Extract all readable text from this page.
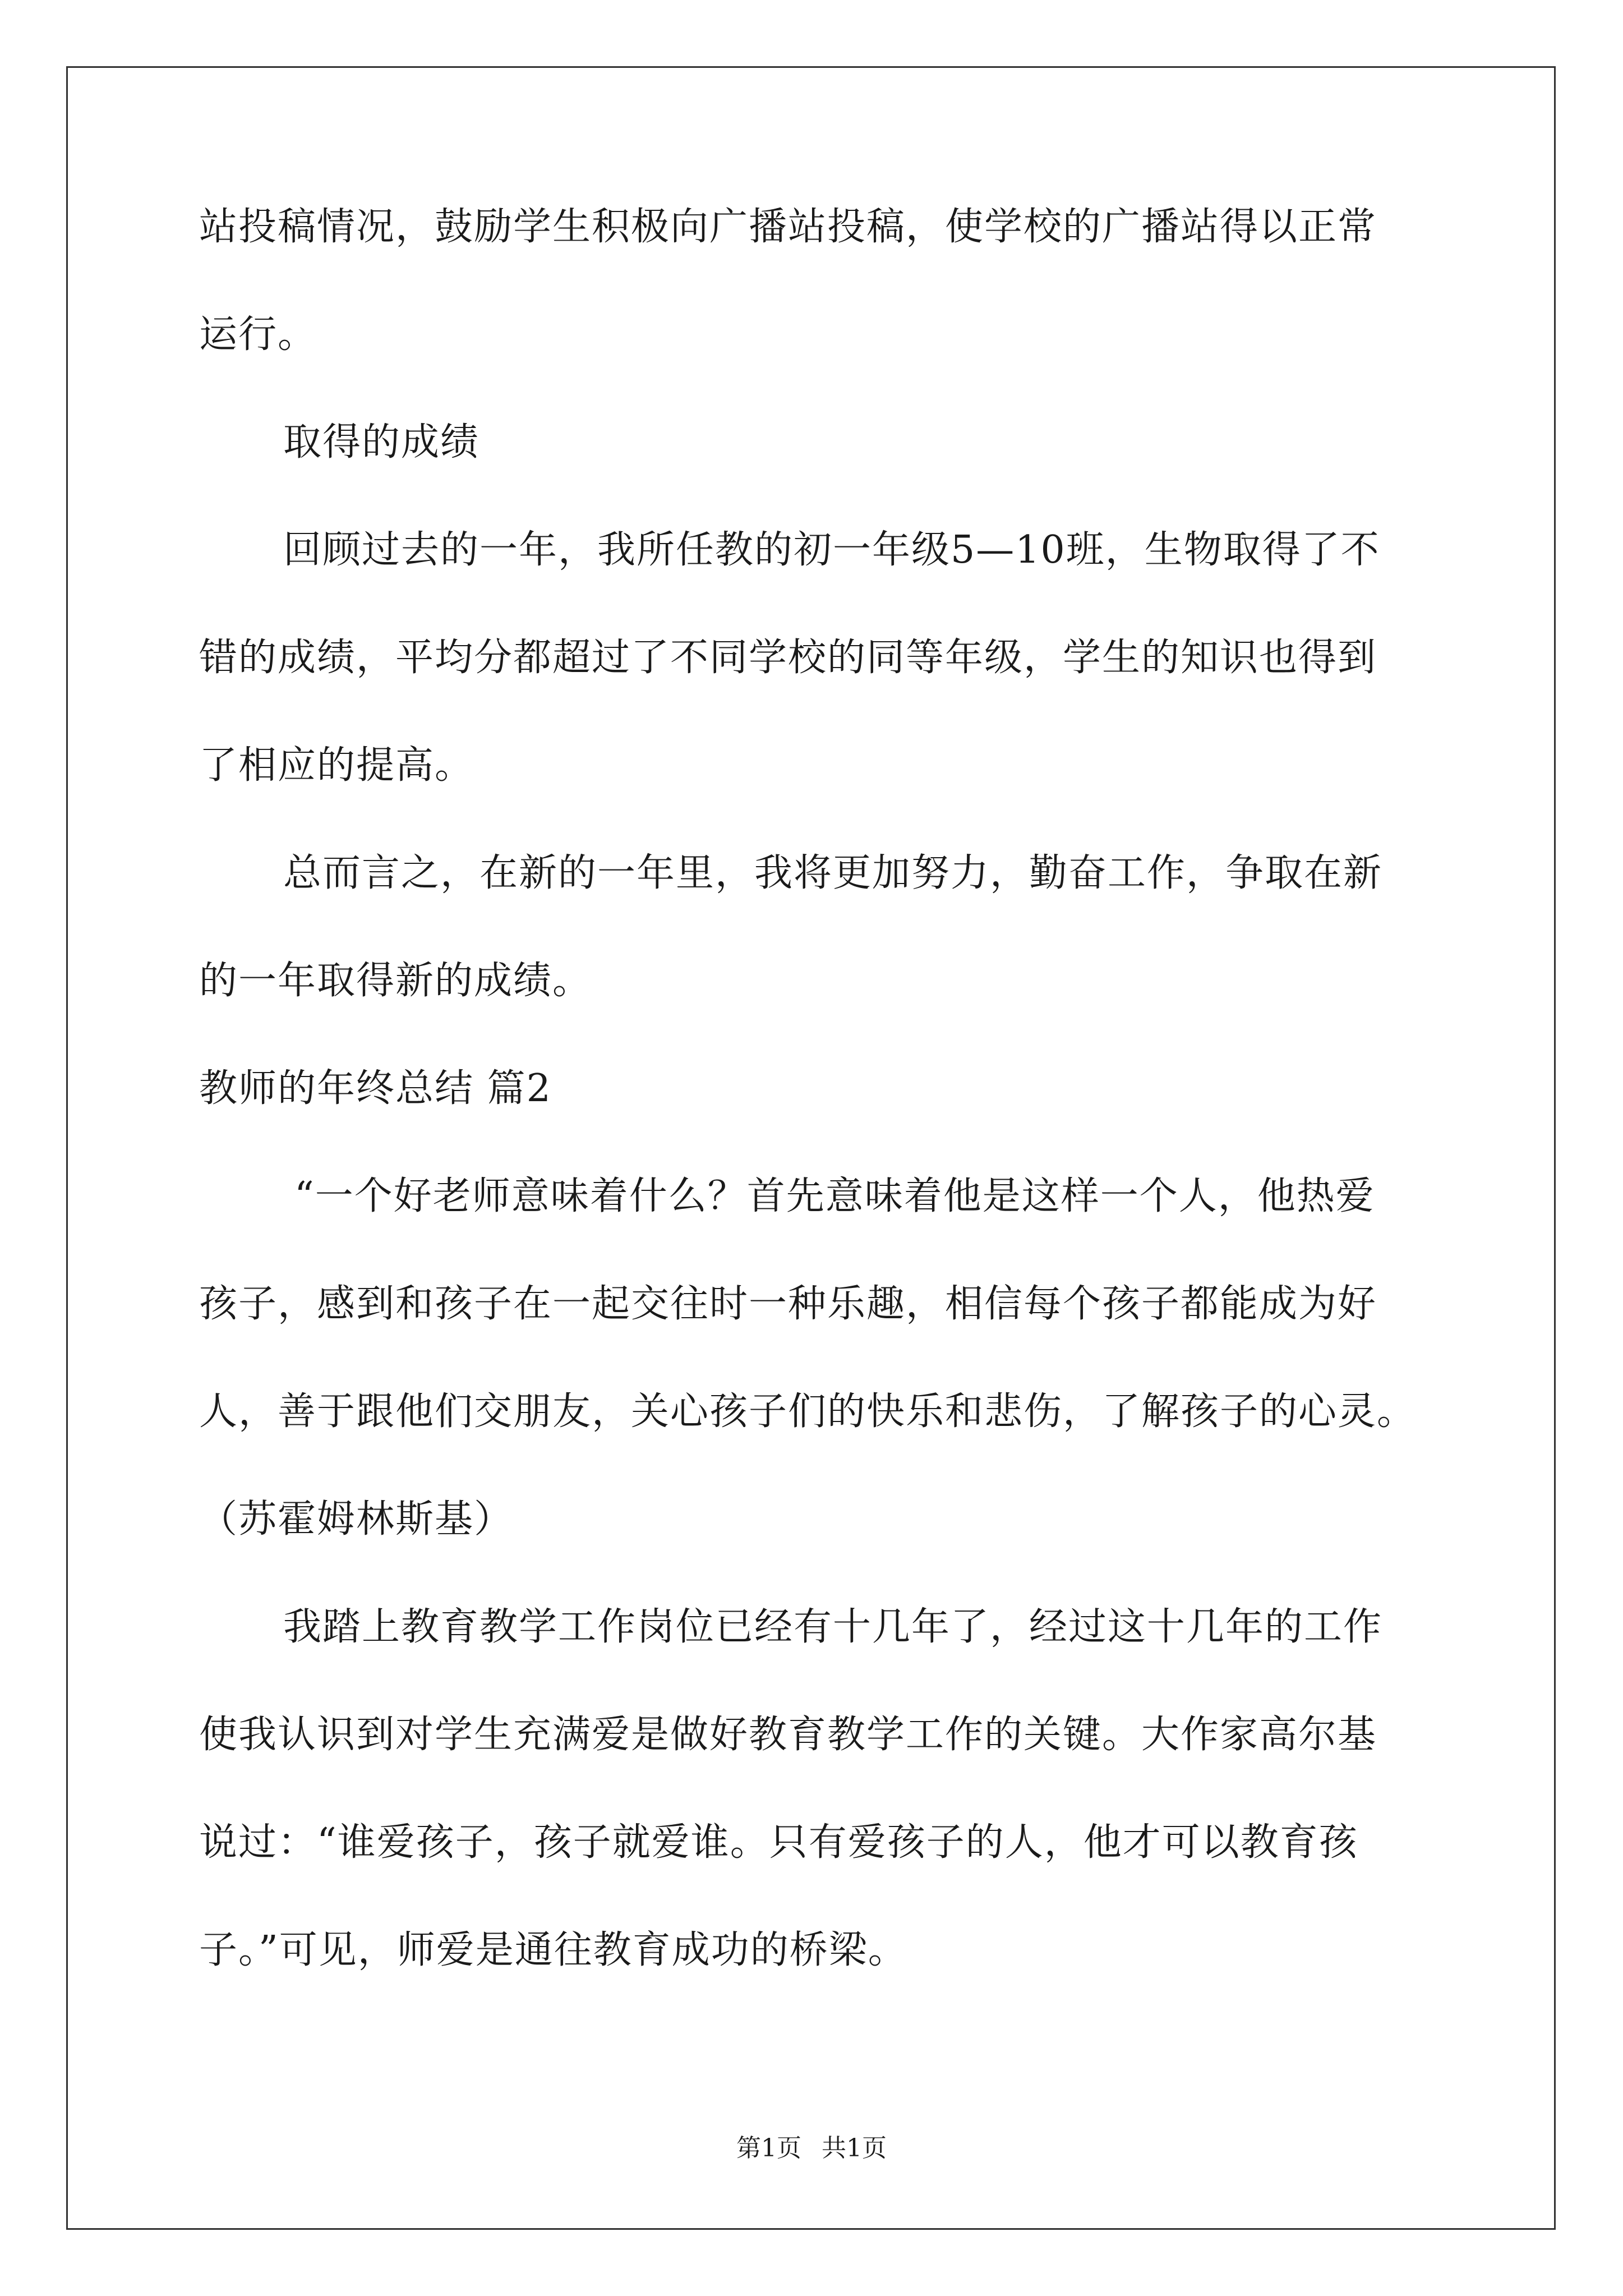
站投稿情况，鼓励学生积极向广播站投稿，使学校的广播站得以正常
运行。
取得的成绩
回顾过去的一年，我所任教的初一年级5—10班，生物取得了不
错的成绩，平均分都超过了不同学校的同等年级，学生的知识也得到
了相应的提高。
总而言之，在新的一年里，我将更加努力，勤奋工作，争取在新
的一年取得新的成绩。
教师的年终总结 篇2
“一个好老师意味着什么？首先意味着他是这样一个人，他热爱
孩子，感到和孩子在一起交往时一种乐趣，相信每个孩子都能成为好
人，善于跟他们交朋友，关心孩子们的快乐和悲伤，了解孩子的心灵。
（苏霍姆林斯基）
我踏上教育教学工作岗位已经有十几年了，经过这十几年的工作
使我认识到对学生充满爱是做好教育教学工作的关键。大作家高尔基
说过：“谁爱孩子，孩子就爱谁。只有爱孩子的人，他才可以教育孩
子。”可见，师爱是通往教育成功的桥梁。
第1页 共1页
